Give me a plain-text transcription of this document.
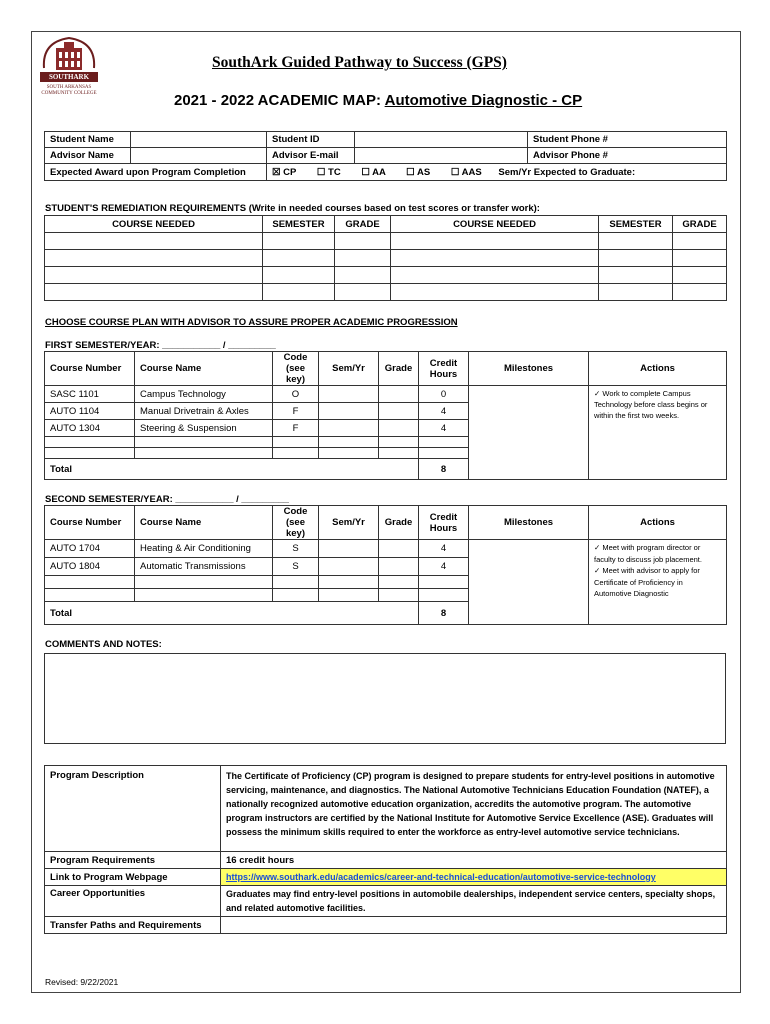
SOUTHARK
SOUTH ARKANSAS COMMUNITY COLLEGE
SouthArk Guided Pathway to Success (GPS)
2021 - 2022 ACADEMIC MAP: Automotive Diagnostic - CP
Student Name		Student ID		Student Phone #
Advisor Name		Advisor E-mail		Advisor Phone #
Expected Award upon Program Completion		☒ CP ☐ TC ☐ AA ☐ AS ☐ AAS Sem/Yr Expected to Graduate:		
STUDENT'S REMEDIATION REQUIREMENTS (Write in needed courses based on test scores or transfer work):
COURSE NEEDED	SEMESTER	GRADE	COURSE NEEDED	SEMESTER	GRADE

CHOOSE COURSE PLAN WITH ADVISOR TO ASSURE PROPER ACADEMIC PROGRESSION
FIRST SEMESTER/YEAR: ___________ / _________
Course Number	Course Name	Code (see key)	Sem/Yr	Grade	Credit Hours	Milestones	Actions
SASC 1101	Campus Technology	O			0		✓ Work to complete Campus Technology before class begins or within the first two weeks.

AUTO 1104	Manual Drivetrain & Axles	F			4		
AUTO 1304	Steering & Suspension	F			4		

Total					8		
SECOND SEMESTER/YEAR: ___________ / _________
Course Number	Course Name	Code (see key)	Sem/Yr	Grade	Credit Hours	Milestones	Actions
AUTO 1704	Heating & Air Conditioning	S			4		✓ Meet with program director or faculty to discuss job placement.
✓ Meet with advisor to apply for Certificate of Proficiency in Automotive Diagnostic

AUTO 1804	Automatic Transmissions	S			4		

Total					8		
COMMENTS AND NOTES:
Program Description	The Certificate of Proficiency (CP) program is designed to prepare students for entry-level positions in automotive servicing, maintenance, and diagnostics. The National Automotive Technicians Education Foundation (NATEF), a nationally recognized automotive education organization, accredits the automotive program. The automotive program instructors are certified by the National Institute for Automotive Service Excellence (ASE). Graduates will possess the minimum skills required to enter the workforce as entry-level automotive service technicians.
Program Requirements	16 credit hours
Link to Program Webpage	https://www.southark.edu/academics/career-and-technical-education/automotive-service-technology
Career Opportunities	Graduates may find entry-level positions in automobile dealerships, independent service centers, specialty shops, and related automotive facilities.
Transfer Paths and Requirements	
Revised: 9/22/2021
